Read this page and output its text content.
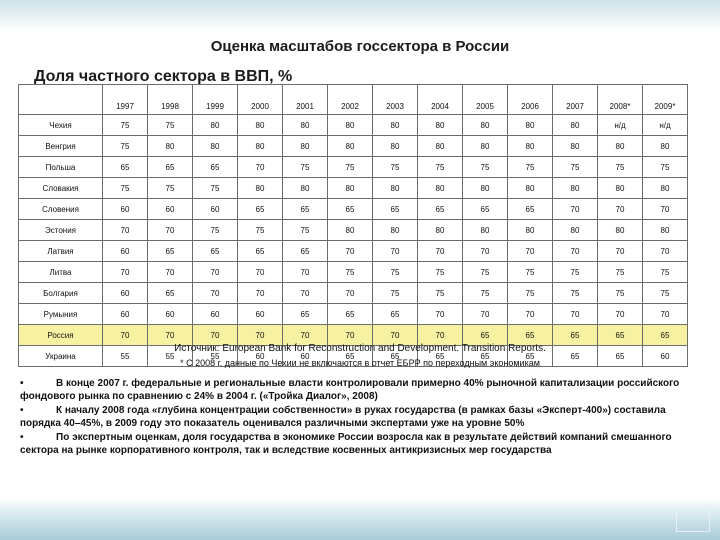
Оценка масштабов госсектора в России
Доля частного сектора в ВВП, %
	1997	1998	1999	2000	2001	2002	2003	2004	2005	2006	2007	2008*	2009*
Чехия	75	75	80	80	80	80	80	80	80	80	80	н/д	н/д
Венгрия	75	80	80	80	80	80	80	80	80	80	80	80	80
Польша	65	65	65	70	75	75	75	75	75	75	75	75	75
Словакия	75	75	75	80	80	80	80	80	80	80	80	80	80
Словения	60	60	60	65	65	65	65	65	65	65	70	70	70
Эстония	70	70	75	75	75	80	80	80	80	80	80	80	80
Латвия	60	65	65	65	65	70	70	70	70	70	70	70	70
Литва	70	70	70	70	70	75	75	75	75	75	75	75	75
Болгария	60	65	70	70	70	70	75	75	75	75	75	75	75
Румыния	60	60	60	60	65	65	65	70	70	70	70	70	70
Россия	70	70	70	70	70	70	70	70	65	65	65	65	65
Украина	55	55	55	60	60	65	65	65	65	65	65	65	60

Источник: European Bank for Reconstruction and Development. Transition Reports.

* С 2008 г. данные по Чехии не включаются в отчет ЕБРР по переходным экономикам

•	В конце 2007 г. федеральные и региональные власти контролировали примерно 40% рыночной капитализации российского фондового рынка по сравнению с 24% в 2004 г. («Тройка Диалог», 2008)
•	К началу 2008 года «глубина концентрации собственности» в руках государства (в рамках базы «Эксперт-400») составила порядка 40–45%, в 2009 году это показатель оценивался различными экспертами уже на уровне 50%
•	По экспертным оценкам, доля государства в экономике России возросла как в результате действий компаний смешанного сектора на рынке корпоративного контроля, так и вследствие косвенных антикризисных мер государства
